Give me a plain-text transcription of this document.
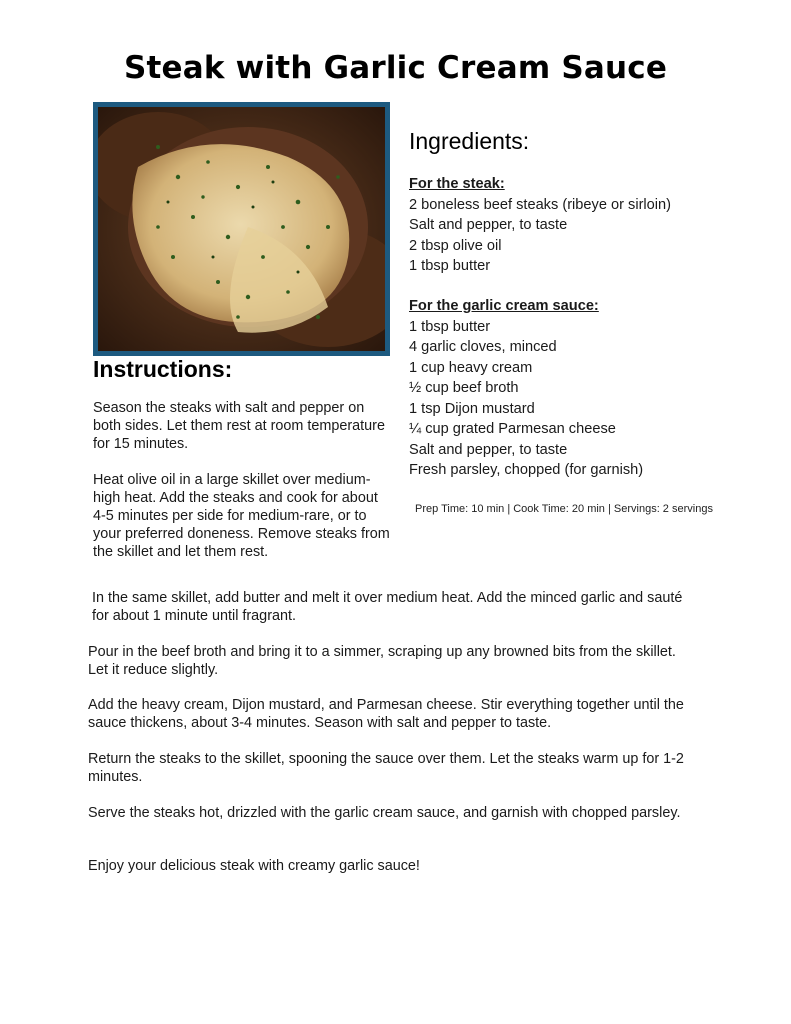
Steak with Garlic Cream Sauce
Ingredients:
For the steak:
2 boneless beef steaks (ribeye or sirloin)
Salt and pepper, to taste
2 tbsp olive oil
1 tbsp butter
For the garlic cream sauce:
1 tbsp butter
4 garlic cloves, minced
1 cup heavy cream
½ cup beef broth
1 tsp Dijon mustard
¼ cup grated Parmesan cheese
Salt and pepper, to taste
Fresh parsley, chopped (for garnish)
Prep Time: 10 min | Cook Time: 20 min | Servings: 2 servings
Instructions:
Season the steaks with salt and pepper on both sides. Let them rest at room temperature for 15 minutes.
Heat olive oil in a large skillet over medium-high heat. Add the steaks and cook for about 4-5 minutes per side for medium-rare, or to your preferred doneness. Remove steaks from the skillet and let them rest.
In the same skillet, add butter and melt it over medium heat. Add the minced garlic and sauté for about 1 minute until fragrant.
Pour in the beef broth and bring it to a simmer, scraping up any browned bits from the skillet. Let it reduce slightly.
Add the heavy cream, Dijon mustard, and Parmesan cheese. Stir everything together until the sauce thickens, about 3-4 minutes. Season with salt and pepper to taste.
Return the steaks to the skillet, spooning the sauce over them. Let the steaks warm up for 1-2 minutes.
Serve the steaks hot, drizzled with the garlic cream sauce, and garnish with chopped parsley.
Enjoy your delicious steak with creamy garlic sauce!
